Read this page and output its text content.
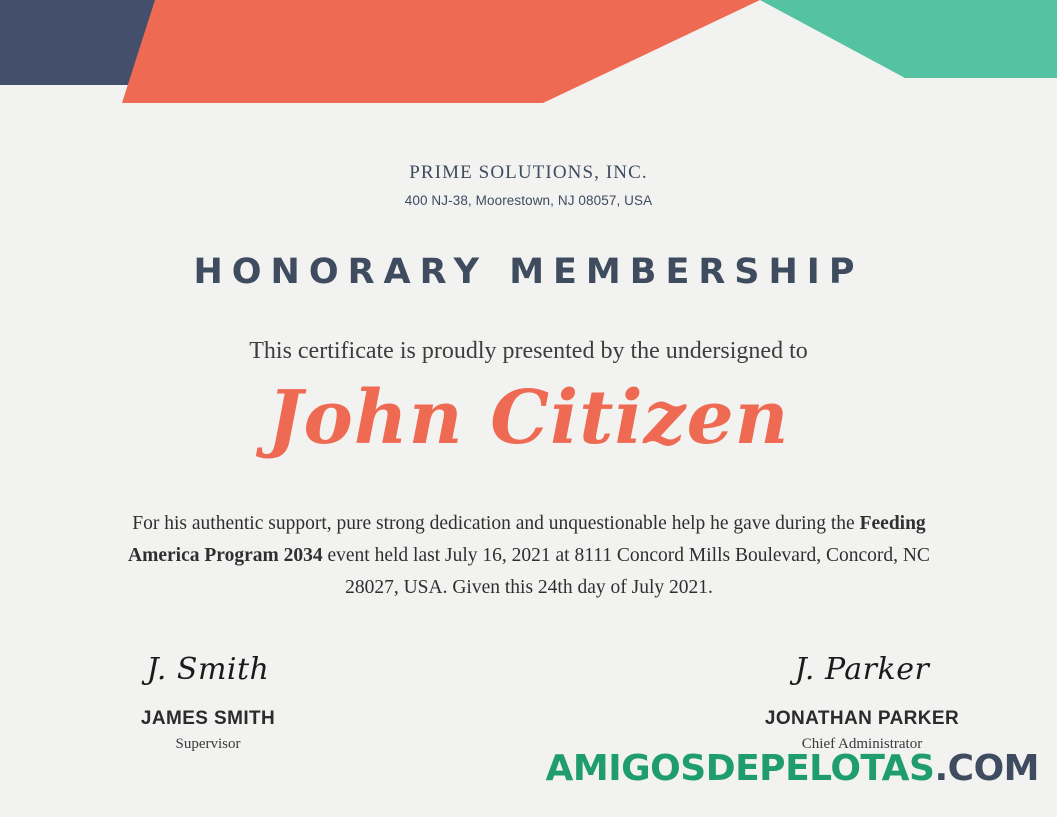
PRIME SOLUTIONS, INC.
400 NJ-38, Moorestown, NJ 08057, USA
HONORARY MEMBERSHIP
This certificate is proudly presented by the undersigned to
John Citizen
For his authentic support, pure strong dedication and unquestionable help he gave during the Feeding America Program 2034 event held last July 16, 2021 at 8111 Concord Mills Boulevard, Concord, NC 28027, USA. Given this 24th day of July 2021.
J. Smith
JAMES SMITH
Supervisor
J. Parker
JONATHAN PARKER
Chief Administrator
AMIGOSDEPELOTAS.COM
